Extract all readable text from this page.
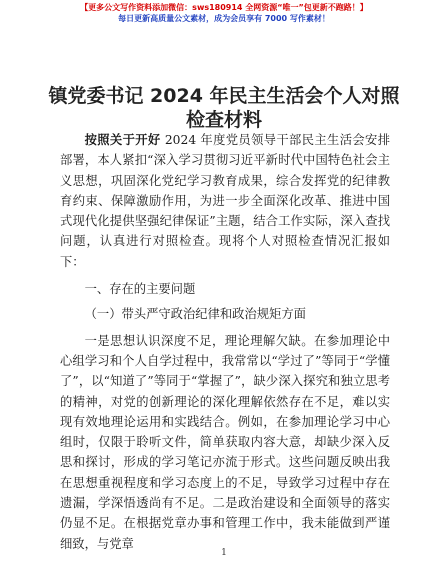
【更多公文写作资料添加微信：sws180914 全网资源“唯一”包更新不跑路！】
每日更新高质量公文素材，成为会员享有 7000 写作素材！
镇党委书记 2024 年民主生活会个人对照检查材料

按照关于开好 2024 年度党员领导干部民主生活会安排部署，本人紧扣“深入学习贯彻习近平新时代中国特色社会主义思想，巩固深化党纪学习教育成果，综合发挥党的纪律教育约束、保障激励作用，为进一步全面深化改革、推进中国式现代化提供坚强纪律保证”主题，结合工作实际，深入查找问题，认真进行对照检查。现将个人对照检查情况汇报如下：

一、存在的主要问题
（一）带头严守政治纪律和政治规矩方面

一是思想认识深度不足，理论理解欠缺。在参加理论中心组学习和个人自学过程中，我常常以“学过了”等同于“学懂了”，以“知道了”等同于“掌握了”，缺少深入探究和独立思考的精神，对党的创新理论的深化理解依然存在不足，难以实现有效地理论运用和实践结合。例如，在参加理论学习中心组时，仅限于聆听文件，简单获取内容大意，却缺少深入反思和探讨，形成的学习笔记亦流于形式。这些问题反映出我在思想重视程度和学习态度上的不足，导致学习过程中存在遗漏，学深悟透尚有不足。二是政治建设和全面领导的落实仍显不足。在根据党章办事和管理工作中，我未能做到严谨细致，与党章

1
